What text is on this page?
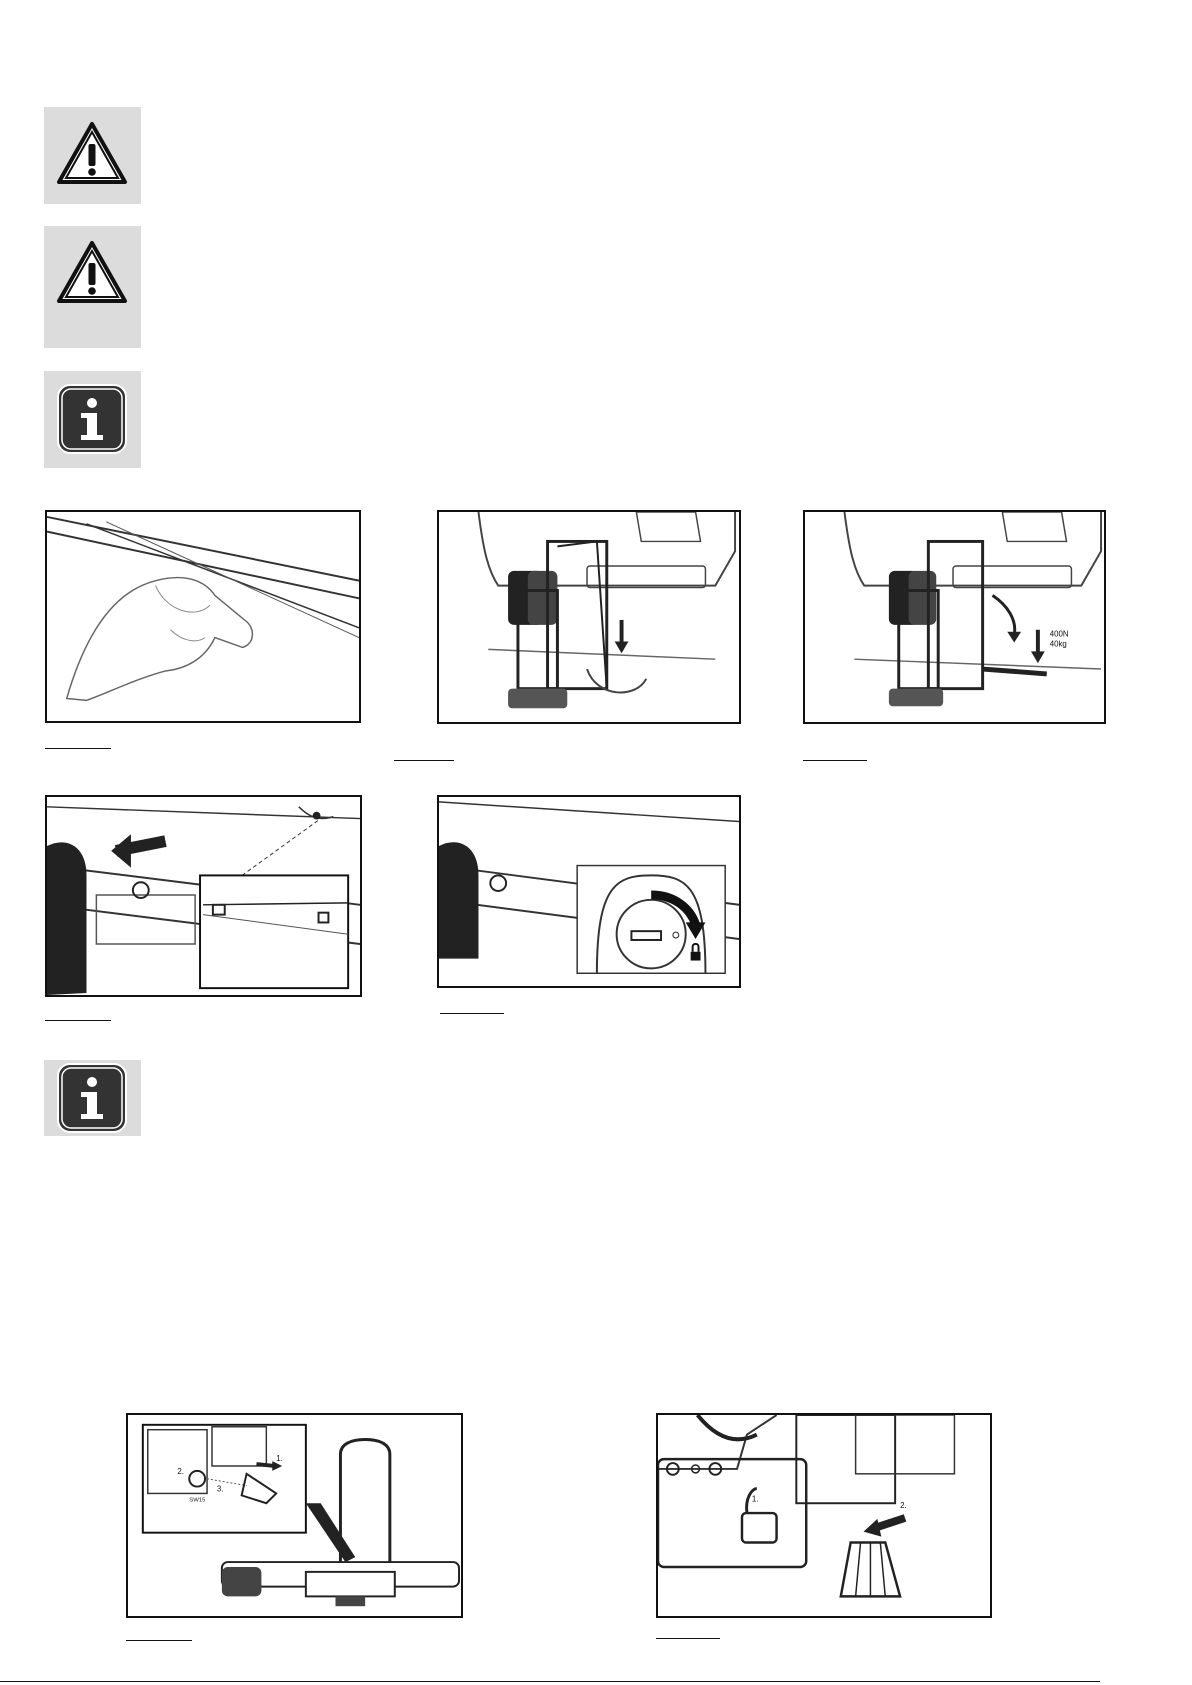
400N
40kg
1.
2.
3.
SW15	1.
2.
